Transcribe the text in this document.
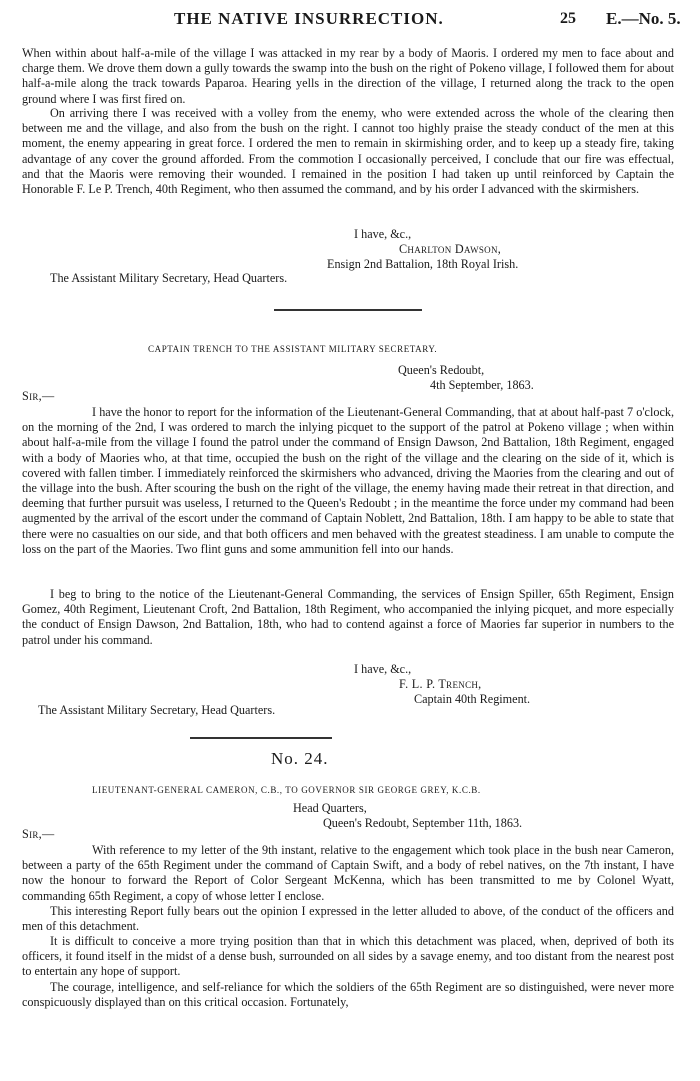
THE NATIVE INSURRECTION.	25 E.—No. 5.

When within about half-a-mile of the village I was attacked in my rear by a body of Maoris. I ordered my men to face about and charge them. We drove them down a gully towards the swamp into the bush on the right of Pokeno village, I followed them for about half-a-mile along the track towards Paparoa. Hearing yells in the direction of the village, I returned along the track to the open ground where I was first fired on.

On arriving there I was received with a volley from the enemy, who were extended across the whole of the clearing then between me and the village, and also from the bush on the right. I cannot too highly praise the steady conduct of the men at this moment, the enemy appearing in great force. I ordered the men to remain in skirmishing order, and to keep up a steady fire, taking advantage of any cover the ground afforded. From the commotion I occasionally perceived, I conclude that our fire was effectual, and that the Maoris were removing their wounded. I remained in the position I had taken up until reinforced by Captain the Honorable F. Le P. Trench, 40th Regiment, who then assumed the command, and by his order I advanced with the skirmishers.

I have, &c.,
Charlton Dawson,
Ensign 2nd Battalion, 18th Royal Irish.
The Assistant Military Secretary, Head Quarters.
CAPTAIN TRENCH TO THE ASSISTANT MILITARY SECRETARY.
Queen's Redoubt,
4th September, 1863.
Sir,—

I have the honor to report for the information of the Lieutenant-General Commanding, that at about half-past 7 o'clock, on the morning of the 2nd, I was ordered to march the inlying picquet to the support of the patrol at Pokeno village ; when within about half-a-mile from the village I found the patrol under the command of Ensign Dawson, 2nd Battalion, 18th Regiment, engaged with a body of Maories who, at that time, occupied the bush on the right of the village and the clearing on the side of it, which is covered with fallen timber. I immediately reinforced the skirmishers who advanced, driving the Maories from the clearing and out of the village into the bush. After scouring the bush on the right of the village, the enemy having made their retreat in that direction, and deeming that further pursuit was useless, I returned to the Queen's Redoubt ; in the meantime the force under my command had been augmented by the arrival of the escort under the command of Captain Noblett, 2nd Battalion, 18th. I am happy to be able to state that there were no casualties on our side, and that both officers and men behaved with the greatest steadiness. I am unable to compute the loss on the part of the Maories. Two flint guns and some ammunition fell into our hands.

I beg to bring to the notice of the Lieutenant-General Commanding, the services of Ensign Spiller, 65th Regiment, Ensign Gomez, 40th Regiment, Lieutenant Croft, 2nd Battalion, 18th Regiment, who accompanied the inlying picquet, and more especially the conduct of Ensign Dawson, 2nd Battalion, 18th, who had to contend against a force of Maories far superior in numbers to the patrol under his command.

I have, &c.,
F. L. P. Trench,
Captain 40th Regiment.
The Assistant Military Secretary, Head Quarters.
No. 24.
LIEUTENANT-GENERAL CAMERON, C.B., TO GOVERNOR SIR GEORGE GREY, K.C.B.
Head Quarters,
Queen's Redoubt, September 11th, 1863.
Sir,—

With reference to my letter of the 9th instant, relative to the engagement which took place in the bush near Cameron, between a party of the 65th Regiment under the command of Captain Swift, and a body of rebel natives, on the 7th instant, I have now the honour to forward the Report of Color Sergeant McKenna, which has been transmitted to me by Colonel Wyatt, commanding 65th Regiment, a copy of whose letter I enclose.

This interesting Report fully bears out the opinion I expressed in the letter alluded to above, of the conduct of the officers and men of this detachment.

It is difficult to conceive a more trying position than that in which this detachment was placed, when, deprived of both its officers, it found itself in the midst of a dense bush, surrounded on all sides by a savage enemy, and too distant from the nearest post to entertain any hope of support.

The courage, intelligence, and self-reliance for which the soldiers of the 65th Regiment are so distinguished, were never more conspicuously displayed than on this critical occasion. Fortunately,
